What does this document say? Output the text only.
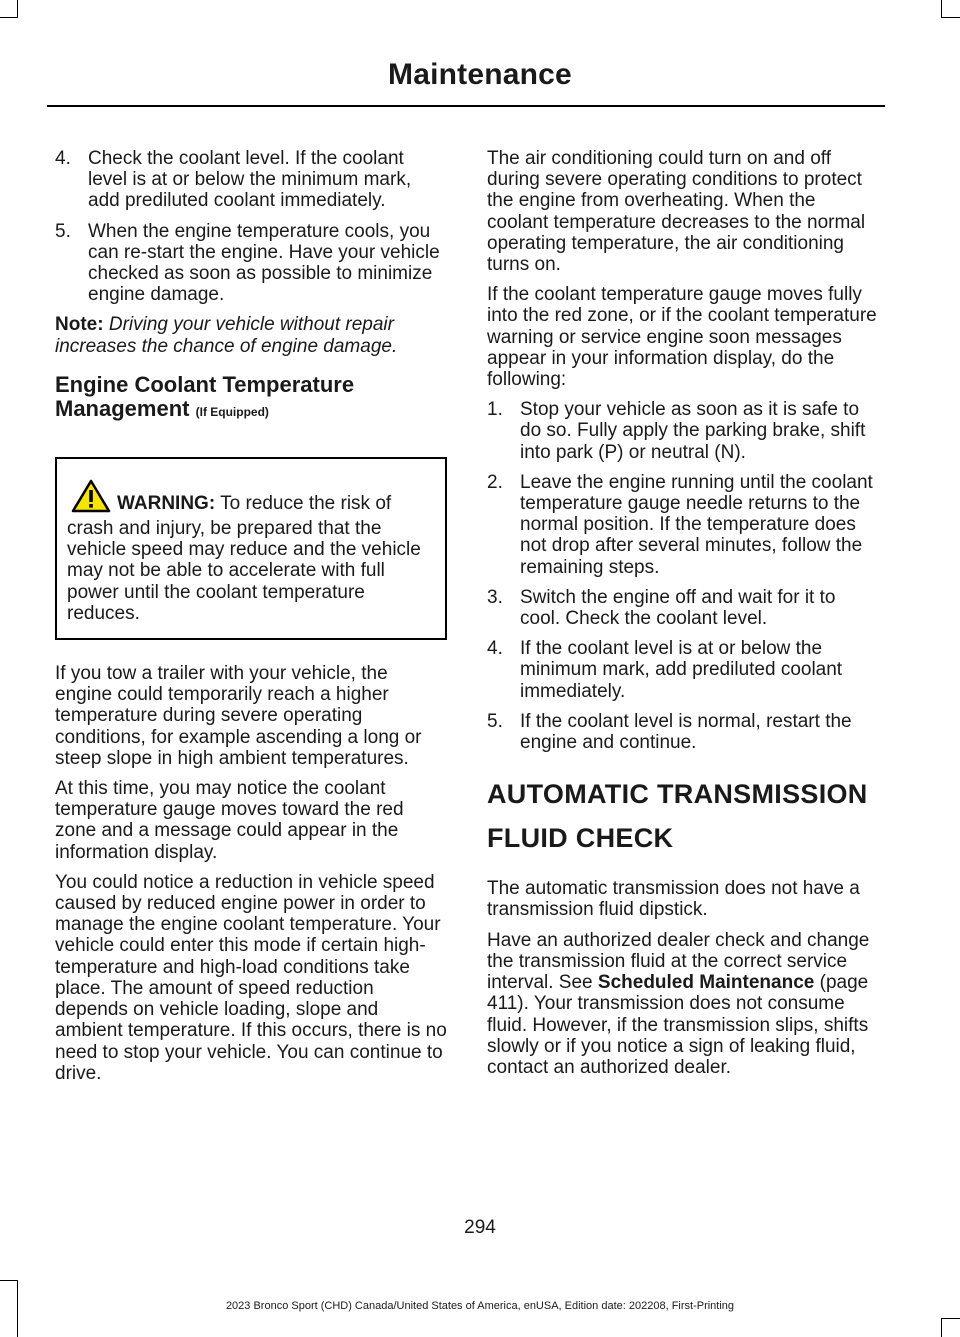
Maintenance
4. Check the coolant level. If the coolant level is at or below the minimum mark, add prediluted coolant immediately.
5. When the engine temperature cools, you can re-start the engine. Have your vehicle checked as soon as possible to minimize engine damage.

Note: Driving your vehicle without repair increases the chance of engine damage.

Engine Coolant Temperature
Management (If Equipped)
WARNING: To reduce the risk of crash and injury, be prepared that the vehicle speed may reduce and the vehicle may not be able to accelerate with full power until the coolant temperature reduces.

If you tow a trailer with your vehicle, the engine could temporarily reach a higher temperature during severe operating conditions, for example ascending a long or steep slope in high ambient temperatures.

At this time, you may notice the coolant temperature gauge moves toward the red zone and a message could appear in the information display.

You could notice a reduction in vehicle speed caused by reduced engine power in order to manage the engine coolant temperature. Your vehicle could enter this mode if certain high-temperature and high-load conditions take place. The amount of speed reduction depends on vehicle loading, slope and ambient temperature. If this occurs, there is no need to stop your vehicle. You can continue to drive.

The air conditioning could turn on and off during severe operating conditions to protect the engine from overheating. When the coolant temperature decreases to the normal operating temperature, the air conditioning turns on.

If the coolant temperature gauge moves fully into the red zone, or if the coolant temperature warning or service engine soon messages appear in your information display, do the following:

1. Stop your vehicle as soon as it is safe to do so. Fully apply the parking brake, shift into park (P) or neutral (N).
2. Leave the engine running until the coolant temperature gauge needle returns to the normal position. If the temperature does not drop after several minutes, follow the remaining steps.
3. Switch the engine off and wait for it to cool. Check the coolant level.
4. If the coolant level is at or below the minimum mark, add prediluted coolant immediately.
5. If the coolant level is normal, restart the engine and continue.
AUTOMATIC TRANSMISSION
FLUID CHECK

The automatic transmission does not have a transmission fluid dipstick.

Have an authorized dealer check and change the transmission fluid at the correct service interval. See Scheduled Maintenance (page 411). Your transmission does not consume fluid. However, if the transmission slips, shifts slowly or if you notice a sign of leaking fluid, contact an authorized dealer.

294
2023 Bronco Sport (CHD) Canada/United States of America, enUSA, Edition date: 202208, First-Printing
